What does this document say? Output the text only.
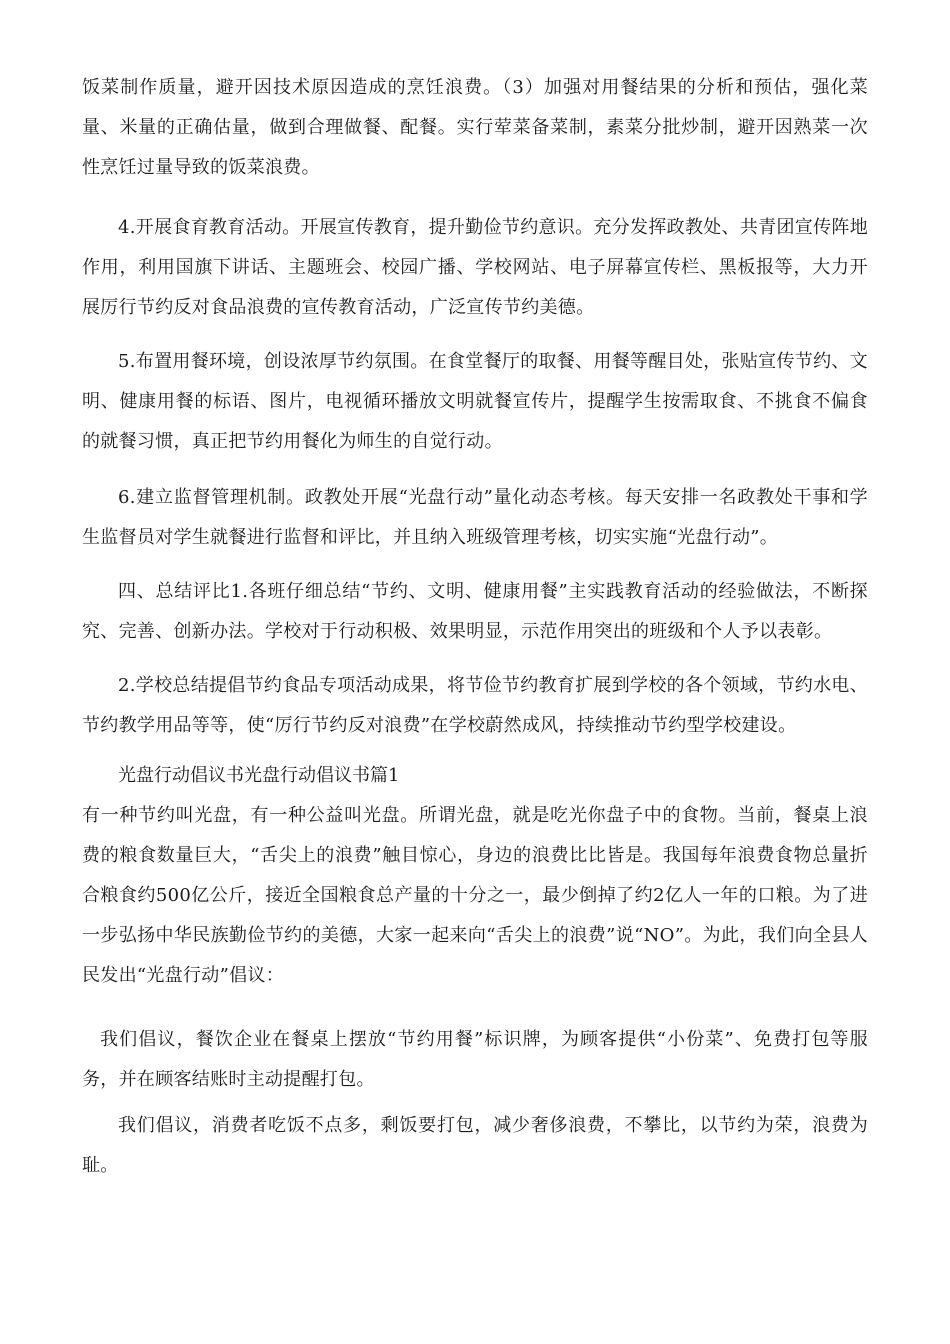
饭菜制作质量，避开因技术原因造成的烹饪浪费。（3）加强对用餐结果的分析和预估，强化菜量、米量的正确估量，做到合理做餐、配餐。实行荤菜备菜制，素菜分批炒制，避开因熟菜一次性烹饪过量导致的饭菜浪费。

4.开展食育教育活动。开展宣传教育，提升勤俭节约意识。充分发挥政教处、共青团宣传阵地作用，利用国旗下讲话、主题班会、校园广播、学校网站、电子屏幕宣传栏、黑板报等，大力开展厉行节约反对食品浪费的宣传教育活动，广泛宣传节约美德。

5.布置用餐环境，创设浓厚节约氛围。在食堂餐厅的取餐、用餐等醒目处，张贴宣传节约、文明、健康用餐的标语、图片，电视循环播放文明就餐宣传片，提醒学生按需取食、不挑食不偏食的就餐习惯，真正把节约用餐化为师生的自觉行动。

6.建立监督管理机制。政教处开展“光盘行动”量化动态考核。每天安排一名政教处干事和学生监督员对学生就餐进行监督和评比，并且纳入班级管理考核，切实实施“光盘行动”。

四、总结评比1.各班仔细总结“节约、文明、健康用餐”主实践教育活动的经验做法，不断探究、完善、创新办法。学校对于行动积极、效果明显，示范作用突出的班级和个人予以表彰。

2.学校总结提倡节约食品专项活动成果，将节俭节约教育扩展到学校的各个领域，节约水电、节约教学用品等等，使“厉行节约反对浪费”在学校蔚然成风，持续推动节约型学校建设。

光盘行动倡议书光盘行动倡议书篇1

有一种节约叫光盘，有一种公益叫光盘。所谓光盘，就是吃光你盘子中的食物。当前，餐桌上浪费的粮食数量巨大，“舌尖上的浪费”触目惊心，身边的浪费比比皆是。我国每年浪费食物总量折合粮食约500亿公斤，接近全国粮食总产量的十分之一，最少倒掉了约2亿人一年的口粮。为了进一步弘扬中华民族勤俭节约的美德，大家一起来向“舌尖上的浪费”说“NO”。为此，我们向全县人民发出“光盘行动”倡议：

我们倡议，餐饮企业在餐桌上摆放“节约用餐”标识牌，为顾客提供“小份菜”、免费打包等服务，并在顾客结账时主动提醒打包。

我们倡议，消费者吃饭不点多，剩饭要打包，减少奢侈浪费，不攀比，以节约为荣，浪费为耻。
